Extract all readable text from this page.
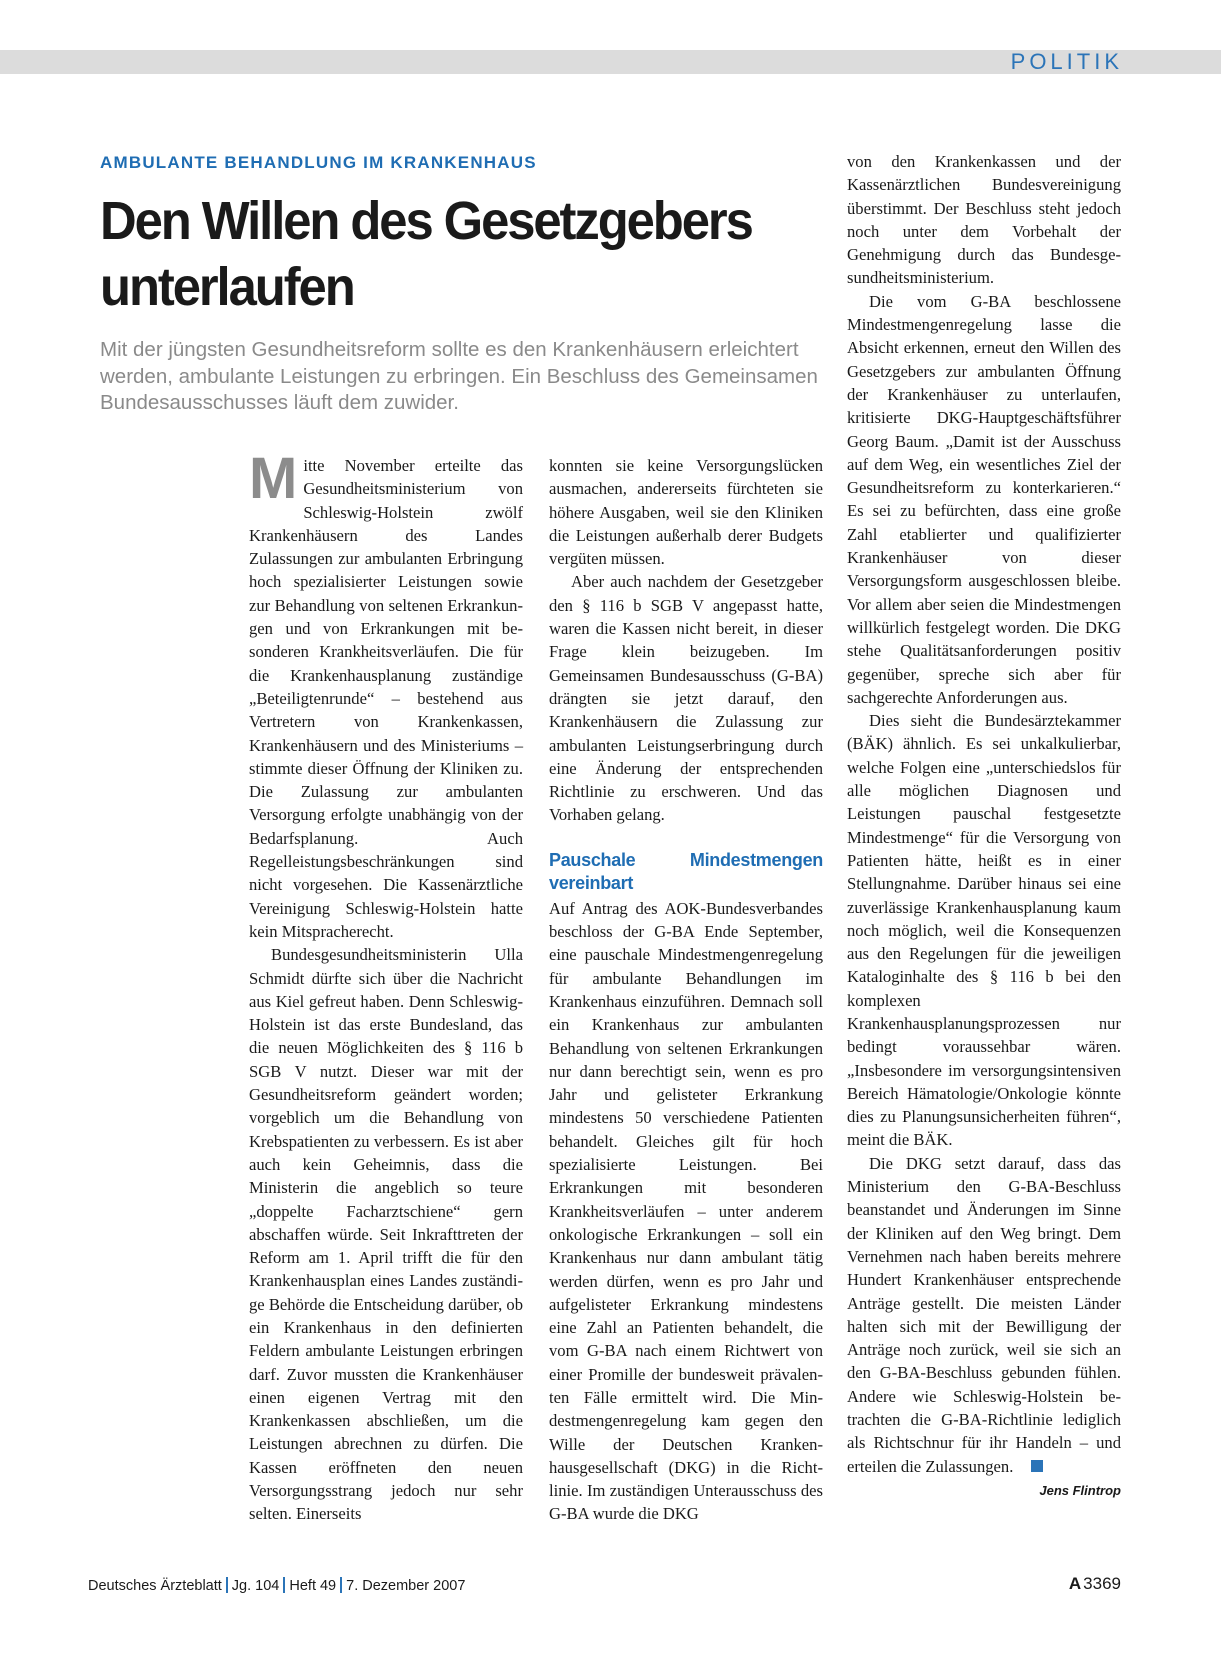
POLITIK
AMBULANTE BEHANDLUNG IM KRANKENHAUS
Den Willen des Gesetzgebers
unterlaufen

Mit der jüngsten Gesundheitsreform sollte es den Krankenhäusern erleichtert werden, ambulante Leistungen zu erbringen. Ein Beschluss des Gemeinsamen Bundesausschusses läuft dem zuwider.

Mitte November erteilte das Gesundheitsministerium von Schleswig-Holstein zwölf Krankenhäusern des Landes Zulassungen zur ambulanten Erbringung hoch spezialisierter Leistungen sowie zur Behandlung von seltenen Erkrankungen und von Erkrankungen mit besonderen Krankheitsverläufen. Die für die Krankenhausplanung zuständige „Beteiligtenrunde“ – bestehend aus Vertretern von Krankenkassen, Krankenhäusern und des Ministeriums – stimmte dieser Öffnung der Kliniken zu. Die Zulassung zur ambulanten Versorgung erfolgte unabhängig von der Bedarfsplanung. Auch Regelleistungsbeschränkungen sind nicht vorgesehen. Die Kassenärztliche Vereinigung Schleswig-Holstein hatte kein Mitspracherecht.

Bundesgesundheitsministerin Ulla Schmidt dürfte sich über die Nachricht aus Kiel gefreut haben. Denn Schleswig-Holstein ist das erste Bundesland, das die neuen Möglichkeiten des § 116 b SGB V nutzt. Dieser war mit der Gesundheitsreform geändert worden; vorgeblich um die Behandlung von Krebspatienten zu verbessern. Es ist aber auch kein Geheimnis, dass die Ministerin die angeblich so teure „doppelte Facharztschiene“ gern abschaffen würde. Seit Inkrafttreten der Reform am 1. April trifft die für den Krankenhausplan eines Landes zuständige Behörde die Entscheidung darüber, ob ein Krankenhaus in den definierten Feldern ambulante Leistungen erbringen darf. Zuvor mussten die Krankenhäuser einen eigenen Vertrag mit den Krankenkassen abschließen, um die Leistungen abrechnen zu dürfen. Die Kassen eröffneten den neuen Versorgungsstrang jedoch nur sehr selten. Einerseits

konnten sie keine Versorgungslücken ausmachen, andererseits fürchteten sie höhere Ausgaben, weil sie den Kliniken die Leistungen außerhalb derer Budgets vergüten müssen.

Aber auch nachdem der Gesetzgeber den § 116 b SGB V angepasst hatte, waren die Kassen nicht bereit, in dieser Frage klein beizugeben. Im Gemeinsamen Bundesausschuss (G-BA) drängten sie jetzt darauf, den Krankenhäusern die Zulassung zur ambulanten Leistungserbringung durch eine Änderung der entsprechenden Richtlinie zu erschweren. Und das Vorhaben gelang.

Pauschale Mindestmengen vereinbart

Auf Antrag des AOK-Bundesverbandes beschloss der G-BA Ende September, eine pauschale Mindestmengenregelung für ambulante Behandlungen im Krankenhaus einzuführen. Demnach soll ein Krankenhaus zur ambulanten Behandlung von seltenen Erkrankungen nur dann berechtigt sein, wenn es pro Jahr und gelisteter Erkrankung mindestens 50 verschiedene Patienten behandelt. Gleiches gilt für hoch spezialisierte Leistungen. Bei Erkrankungen mit besonderen Krankheitsverläufen – unter anderem onkologische Erkrankungen – soll ein Krankenhaus nur dann ambulant tätig werden dürfen, wenn es pro Jahr und aufgelisteter Erkrankung mindestens eine Zahl an Patienten behandelt, die vom G-BA nach einem Richtwert von einer Promille der bundesweit prävalenten Fälle ermittelt wird. Die Mindestmengenregelung kam gegen den Wille der Deutschen Krankenhausgesellschaft (DKG) in die Richtlinie. Im zuständigen Unterausschuss des G-BA wurde die DKG

von den Krankenkassen und der Kassenärztlichen Bundesvereinigung überstimmt. Der Beschluss steht jedoch noch unter dem Vorbehalt der Genehmigung durch das Bundesgesundheitsministerium.

Die vom G-BA beschlossene Mindestmengenregelung lasse die Absicht erkennen, erneut den Willen des Gesetzgebers zur ambulanten Öffnung der Krankenhäuser zu unterlaufen, kritisierte DKG-Hauptgeschäftsführer Georg Baum. „Damit ist der Ausschuss auf dem Weg, ein wesentliches Ziel der Gesundheitsreform zu konterkarieren.“ Es sei zu befürchten, dass eine große Zahl etablierter und qualifizierter Krankenhäuser von dieser Versorgungsform ausgeschlossen bleibe. Vor allem aber seien die Mindestmengen willkürlich festgelegt worden. Die DKG stehe Qualitätsanforderungen positiv gegenüber, spreche sich aber für sachgerechte Anforderungen aus.

Dies sieht die Bundesärztekammer (BÄK) ähnlich. Es sei unkalkulierbar, welche Folgen eine „unterschiedslos für alle möglichen Diagnosen und Leistungen pauschal festgesetzte Mindestmenge“ für die Versorgung von Patienten hätte, heißt es in einer Stellungnahme. Darüber hinaus sei eine zuverlässige Krankenhausplanung kaum noch möglich, weil die Konsequenzen aus den Regelungen für die jeweiligen Kataloginhalte des § 116 b bei den komplexen Krankenhausplanungsprozessen nur bedingt voraussehbar wären. „Insbesondere im versorgungsintensiven Bereich Hämatologie/Onkologie könnte dies zu Planungsunsicherheiten führen“, meint die BÄK.

Die DKG setzt darauf, dass das Ministerium den G-BA-Beschluss beanstandet und Änderungen im Sinne der Kliniken auf den Weg bringt. Dem Vernehmen nach haben bereits mehrere Hundert Krankenhäuser entsprechende Anträge gestellt. Die meisten Länder halten sich mit der Bewilligung der Anträge noch zurück, weil sie sich an den G-BA-Beschluss gebunden fühlen. Andere wie Schleswig-Holstein betrachten die G-BA-Richtlinie lediglich als Richtschnur für ihr Handeln – und erteilen die Zulassungen.

Jens Flintrop
Deutsches Ärzteblatt Jg. 104 Heft 49 7. Dezember 2007	A 3369
